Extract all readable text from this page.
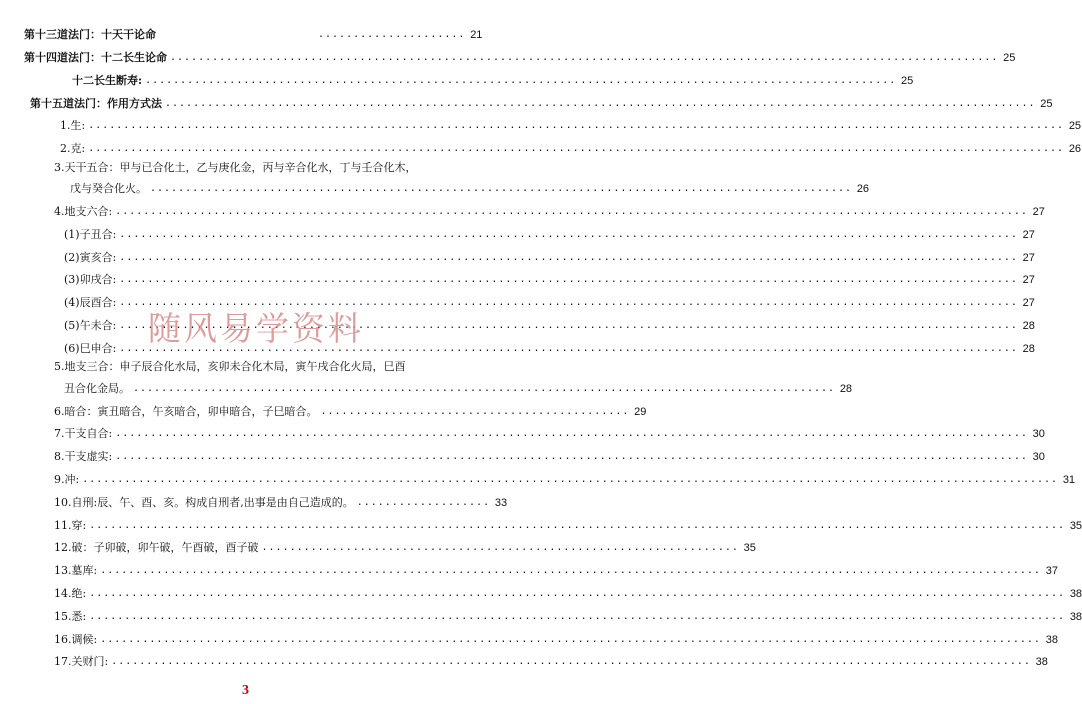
第十三道法门：十天干论命	..................... 21
第十四道法门：十二长生论命 ...................................................................................................................... 25
十二长生断寿: ........................................................................................................... 25
第十五道法门：作用方式法 ............................................................................................................................ 25
1.生: ........................................................................................................................................... 25
2.克: ........................................................................................................................................... 26
3.天干五合：甲与已合化土，乙与庚化金，丙与辛合化水，丁与壬合化木，
戊与癸合化火。 .................................................................................................... 26
4.地支六合: .................................................................................................................................. 27
(1)子丑合: ................................................................................................................................ 27
(2)寅亥合: ................................................................................................................................ 27
(3)卯戌合: ................................................................................................................................ 27
(4)辰酉合: ................................................................................................................................ 27
(5)午未合: ................................................................................................................................ 28
(6)巳申合: ................................................................................................................................ 28
5.地支三合：申子辰合化水局，亥卯未合化木局，寅午戌合化火局，巳酉
丑合化金局。 .................................................................................................... 28
6.暗合：寅丑暗合，午亥暗合，卯申暗合，子巳暗合。 ............................................ 29
7.干支自合: .................................................................................................................................. 30
8.干支虚实: .................................................................................................................................. 30
9.冲: ........................................................................................................................................... 31
10.自刑:辰、午、酉、亥。构成自刑者,出事是由自己造成的。 ................... 33
11.穿: ........................................................................................................................................... 35
12.破：子卯破，卯午破，午酉破，酉子破 .................................................................... 35
13.墓库: ...................................................................................................................................... 37
14.绝: ........................................................................................................................................... 38
15.悉: ........................................................................................................................................... 38
16.调候: ...................................................................................................................................... 38
17.关财门: ................................................................................................................................... 38
随风易学资料
3
